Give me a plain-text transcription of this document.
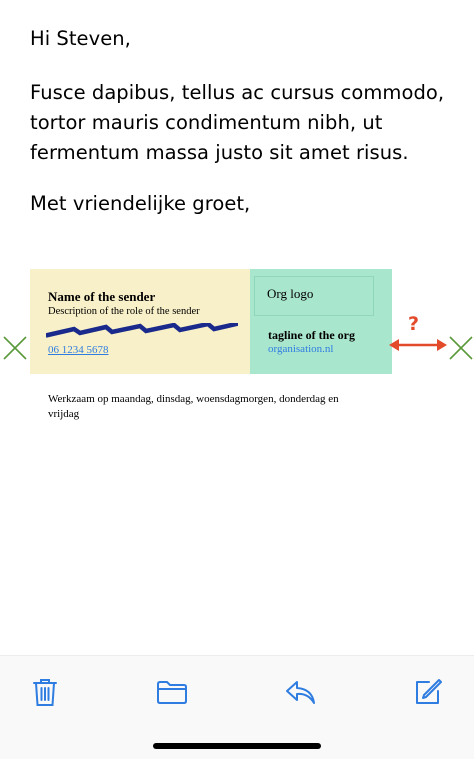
Hi Steven,

Fusce dapibus, tellus ac cursus commodo,
tortor mauris condimentum nibh, ut
fermentum massa justo sit amet risus.

Met vriendelijke groet,

Name of the sender
Description of the role of the sender
06 1234 5678
Org logo
tagline of the org
organisation.nl
Werkzaam op maandag, dinsdag, woensdagmorgen, donderdag en vrijdag
?
